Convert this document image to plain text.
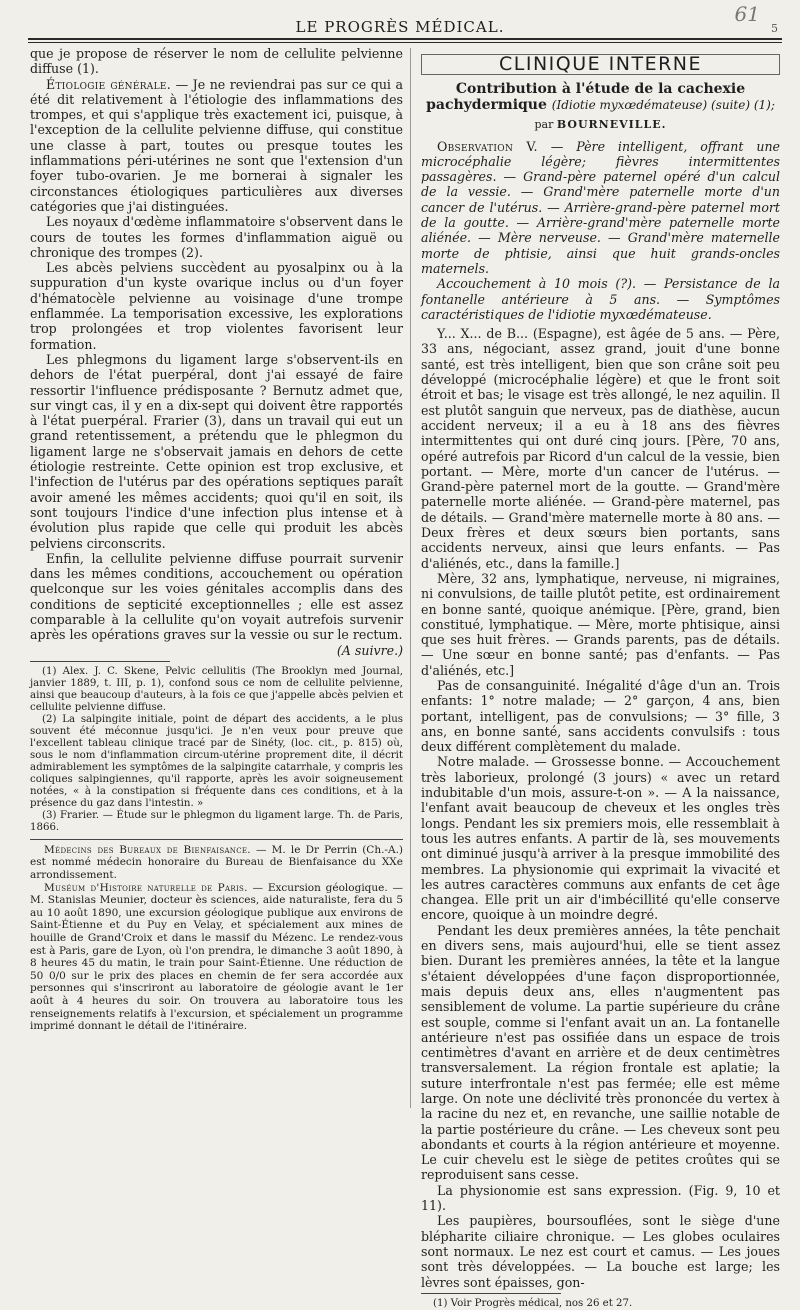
61
LE PROGRÈS MÉDICAL.	5

que je propose de réserver le nom de cellulite pelvienne diffuse (1).

Étiologie générale. — Je ne reviendrai pas sur ce qui a été dit relativement à l'étiologie des inflammations des trompes, et qui s'applique très exactement ici, puisque, à l'exception de la cellulite pelvienne diffuse, qui constitue une classe à part, toutes ou presque toutes les inflammations péri-utérines ne sont que l'extension d'un foyer tubo-ovarien. Je me bornerai à signaler les circonstances étiologiques particulières aux diverses catégories que j'ai distinguées.

Les noyaux d'œdème inflammatoire s'observent dans le cours de toutes les formes d'inflammation aiguë ou chronique des trompes (2).

Les abcès pelviens succèdent au pyosalpinx ou à la suppuration d'un kyste ovarique inclus ou d'un foyer d'hématocèle pelvienne au voisinage d'une trompe enflammée. La temporisation excessive, les explorations trop prolongées et trop violentes favorisent leur formation.

Les phlegmons du ligament large s'observent-ils en dehors de l'état puerpéral, dont j'ai essayé de faire ressortir l'influence prédisposante ? Bernutz admet que, sur vingt cas, il y en a dix-sept qui doivent être rapportés à l'état puerpéral. Frarier (3), dans un travail qui eut un grand retentissement, a prétendu que le phlegmon du ligament large ne s'observait jamais en dehors de cette étiologie restreinte. Cette opinion est trop exclusive, et l'infection de l'utérus par des opérations septiques paraît avoir amené les mêmes accidents; quoi qu'il en soit, ils sont toujours l'indice d'une infection plus intense et à évolution plus rapide que celle qui produit les abcès pelviens circonscrits.

Enfin, la cellulite pelvienne diffuse pourrait survenir dans les mêmes conditions, accouchement ou opération quelconque sur les voies génitales accomplis dans des conditions de septicité exceptionnelles ; elle est assez comparable à la cellulite qu'on voyait autrefois survenir après les opérations graves sur la vessie ou sur le rectum.

(A suivre.)

(1) Alex. J. C. Skene, Pelvic cellulitis (The Brooklyn med Journal, janvier 1889, t. III, p. 1), confond sous ce nom de cellulite pelvienne, ainsi que beaucoup d'auteurs, à la fois ce que j'appelle abcès pelvien et cellulite pelvienne diffuse.

(2) La salpingite initiale, point de départ des accidents, a le plus souvent été méconnue jusqu'ici. Je n'en veux pour preuve que l'excellent tableau clinique tracé par de Sinéty, (loc. cit., p. 815) où, sous le nom d'inflammation circum-utérine proprement dite, il décrit admirablement les symptômes de la salpingite catarrhale, y compris les coliques salpingiennes, qu'il rapporte, après les avoir soigneusement notées, « à la constipation si fréquente dans ces conditions, et à la présence du gaz dans l'intestin. »

(3) Frarier. — Étude sur le phlegmon du ligament large. Th. de Paris, 1866.

Médecins des Bureaux de Bienfaisance. — M. le Dr Perrin (Ch.-A.) est nommé médecin honoraire du Bureau de Bienfaisance du XXe arrondissement.

Muséum d'Histoire naturelle de Paris. — Excursion géologique. — M. Stanislas Meunier, docteur ès sciences, aide naturaliste, fera du 5 au 10 août 1890, une excursion géologique publique aux environs de Saint-Étienne et du Puy en Velay, et spécialement aux mines de houille de Grand'Croix et dans le massif du Mézenc. Le rendez-vous est à Paris, gare de Lyon, où l'on prendra, le dimanche 3 août 1890, à 8 heures 45 du matin, le train pour Saint-Étienne. Une réduction de 50 0/0 sur le prix des places en chemin de fer sera accordée aux personnes qui s'inscriront au laboratoire de géologie avant le 1er août à 4 heures du soir. On trouvera au laboratoire tous les renseignements relatifs à l'excursion, et spécialement un programme imprimé donnant le détail de l'itinéraire.

CLINIQUE INTERNE
Contribution à l'étude de la cachexie pachydermique (Idiotie myxœdémateuse) (suite) (1);
par BOURNEVILLE.

Observation V. — Père intelligent, offrant une microcéphalie légère; fièvres intermittentes passagères. — Grand-père paternel opéré d'un calcul de la vessie. — Grand'mère paternelle morte d'un cancer de l'utérus. — Arrière-grand-père paternel mort de la goutte. — Arrière-grand'mère paternelle morte aliénée. — Mère nerveuse. — Grand'mère maternelle morte de phtisie, ainsi que huit grands-oncles maternels.

Accouchement à 10 mois (?). — Persistance de la fontanelle antérieure à 5 ans. — Symptômes caractéristiques de l'idiotie myxœdémateuse.

Y... X... de B... (Espagne), est âgée de 5 ans. — Père, 33 ans, négociant, assez grand, jouit d'une bonne santé, est très intelligent, bien que son crâne soit peu développé (microcéphalie légère) et que le front soit étroit et bas; le visage est très allongé, le nez aquilin. Il est plutôt sanguin que nerveux, pas de diathèse, aucun accident nerveux; il a eu à 18 ans des fièvres intermittentes qui ont duré cinq jours. [Père, 70 ans, opéré autrefois par Ricord d'un calcul de la vessie, bien portant. — Mère, morte d'un cancer de l'utérus. — Grand-père paternel mort de la goutte. — Grand'mère paternelle morte aliénée. — Grand-père maternel, pas de détails. — Grand'mère maternelle morte à 80 ans. — Deux frères et deux sœurs bien portants, sans accidents nerveux, ainsi que leurs enfants. — Pas d'aliénés, etc., dans la famille.]

Mère, 32 ans, lymphatique, nerveuse, ni migraines, ni convulsions, de taille plutôt petite, est ordinairement en bonne santé, quoique anémique. [Père, grand, bien constitué, lymphatique. — Mère, morte phtisique, ainsi que ses huit frères. — Grands parents, pas de détails. — Une sœur en bonne santé; pas d'enfants. — Pas d'aliénés, etc.]

Pas de consanguinité. Inégalité d'âge d'un an. Trois enfants: 1° notre malade; — 2° garçon, 4 ans, bien portant, intelligent, pas de convulsions; — 3° fille, 3 ans, en bonne santé, sans accidents convulsifs : tous deux différent complètement du malade.

Notre malade. — Grossesse bonne. — Accouchement très laborieux, prolongé (3 jours) « avec un retard indubitable d'un mois, assure-t-on ». — A la naissance, l'enfant avait beaucoup de cheveux et les ongles très longs. Pendant les six premiers mois, elle ressemblait à tous les autres enfants. A partir de là, ses mouvements ont diminué jusqu'à arriver à la presque immobilité des membres. La physionomie qui exprimait la vivacité et les autres caractères communs aux enfants de cet âge changea. Elle prit un air d'imbécillité qu'elle conserve encore, quoique à un moindre degré.

Pendant les deux premières années, la tête penchait en divers sens, mais aujourd'hui, elle se tient assez bien. Durant les premières années, la tête et la langue s'étaient développées d'une façon disproportionnée, mais depuis deux ans, elles n'augmentent pas sensiblement de volume. La partie supérieure du crâne est souple, comme si l'enfant avait un an. La fontanelle antérieure n'est pas ossifiée dans un espace de trois centimètres d'avant en arrière et de deux centimètres transversalement. La région frontale est aplatie; la suture interfrontale n'est pas fermée; elle est même large. On note une déclivité très prononcée du vertex à la racine du nez et, en revanche, une saillie notable de la partie postérieure du crâne. — Les cheveux sont peu abondants et courts à la région antérieure et moyenne. Le cuir chevelu est le siège de petites croûtes qui se reproduisent sans cesse.

La physionomie est sans expression. (Fig. 9, 10 et 11).

Les paupières, boursouflées, sont le siège d'une blépharite ciliaire chronique. — Les globes oculaires sont normaux. Le nez est court et camus. — Les joues sont très développées. — La bouche est large; les lèvres sont épaisses, gon-

(1) Voir Progrès médical, nos 26 et 27.
